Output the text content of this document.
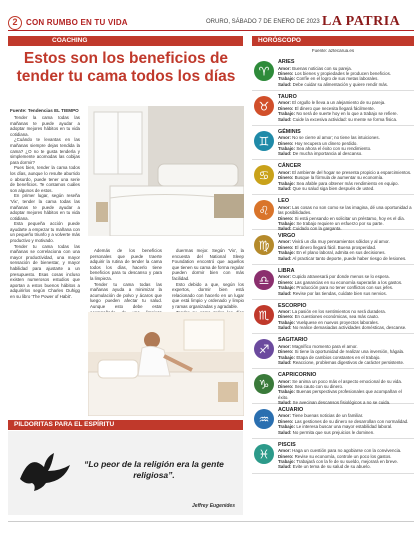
2	CON RUMBO EN TU VIDA	ORURO, SÁBADO 7 DE ENERO DE 2023 LA PATRIA
COACHING
Estos son los beneficios de tender tu cama todos los días
Fuente: Tendencias EL TIEMPO

Tender la cama todas las mañanas te puede ayudar a adoptar mejores hábitos en tu vida cotidiana.

¿Cuándo te levantas en las mañanas siempre dejas tendida la cama? ¿O no te gusta tenderla y simplemente acomodas las cobijas para dormir?

Pues bien, tender la cama todos los días, aunque lo resulte aburrido o absurdo, puede tener una serie de beneficios. Te contamos cuáles son algunos de estos.

En primer lugar, según reseña 'Vix', tender la cama todas las mañanas te puede ayudar a adoptar mejores hábitos en tu vida cotidiana.

Esta pequeña acción puede ayudarte a empezar tu mañana con un pequeño triunfo y a volverte más productivo y motivado.

Tender tu cama todas las mañanas se correlaciona con una mayor productividad, una mayor sensación de bienestar, y mayor habilidad para ajustarte a un presupuesto. Esas cosas incluso existen numerosos estudios que aportan a estos buenos hábitos a adquirirlos según Charles Duhigg en su libro 'The Power of Habit'.

Además de los beneficios personales que puede traerte adquirir la rutina de tender la cama todos los días, hacerlo tiene beneficios para tu descanso y para la limpieza.

Tender tu cama todas las mañanas ayuda a minimizar la acumulación de polvo y ácaros que luego pueden afectar tu salud. Aunque esto debe estar

duermas mejor. Según 'Vix', la encuesta del National Sleep Foundation encontró que aquellos que tienen su cama de forma regular pueden dormir bien con más facilidad.

Esto debido a que, según los expertos, dormir bien está relacionado con hacerlo en un lugar que está limpio y ordenado y limpio y ramas organizadas y agradable.

PILDORITAS PARA EL ESPÍRITU
“Lo peor de la religión era la gente religiosa”.
Jeffrey Eugenides
HORÓSCOPO
Fuente: aztecarua.es
♈
ARIES
Amor: Buenas noticias con su pareja.
Dinero: Los bienes y propiedades le producen beneficios.
Trabajo: Confíe en el logro de sus metas laborales.
Salud: Debe cuidar su alimentación y quiere rendir más.
♉
TAURO
Amor: El orgullo le lleva a un alejamiento de su pareja.
Dinero: El dinero que necesita llegará fácilmente.
Trabajo: No será de suerte hoy en lo que a trabajo se refiere.
Salud: Cuide la excesiva actividad: su mente se forma física.
♊
GÉMINIS
Amor: No se cierre al amor; no tiene las intuiciones.
Dinero: Hoy recupera un dinero perdido.
Trabajo: Sea ahora el éxito con su rendimiento.
Salud: De mucha importancia al descanso.
♋
CÁNCER
Amor: El ambiente del hogar se presenta propicio a esparcimientos.
Dinero: Busque la fórmula de aumentar su economía.
Trabajo: Sea afable para obtener más rendimiento en equipo.
Salud: Que su salud siga bien después de usted.
♌
LEO
Amor: Las cosas no son como se las imagina, dé una oportunidad a las posibilidades.
Dinero: Si está pensando en solicitar un préstamo, hoy es el día.
Trabajo: Se trabajo requiere un esfuerzo por su parte.
Salud: Cuidado con la garganta.
♍
VIRGO
Amor: Vivirá un día muy pensamientos sólidos y al amor.
Dinero: El dinero llegará fácil. Buena prosperidad.
Trabajo: En el plano laboral, admita en sus decisiones.
Salud: Al practicar tanto deporte, puede haber riesgo de lesiones.
♎
LIBRA
Amor: Cupido atravesará por donde menos se lo espera.
Dinero: Las ganancias en su economía superarán a los gastos.
Trabajo: Producción para no tener conflictos con sus jefes.
Salud: Revise por las tiendas, cuídate bien sus nervios.
♏
ESCORPIO
Amor: La pasión en los sentimientos no será duradera.
Dinero: En cuestiones económicas, sea más cauto.
Trabajo: Vuelquese en nuevos proyectos laborales.
Salud: No realice demasiadas actividades domésticas, descanse.
♐
SAGITARIO
Amor: Magnífico momento para el amor.
Dinero: Si tiene la oportunidad de realizar una inversión, hágala.
Trabajo: Etapa de cambios constantes en el trabajo.
Salud: Reaccione, problemas digestivos de carácter persistente.
♑
CAPRICORNIO
Amor: Se anima un poco más el aspecto emocional de su vida.
Dinero: Sea cauto con su dinero.
Trabajo: Buenas perspectivas profesionales que acompañan el éxito.
Salud: Se avecinan descansos fisiológicos a no se cuida.
♒
ACUARIO
Amor: Tiene buenas noticias de un familiar.
Dinero: Las gestiones de su dinero se desarrollan con normalidad.
Trabajo: Le interesa buscar una mayor estabilidad laboral.
Salud: No permita que sus prejuicios le dominen.
♓
PISCIS
Amor: Haga un cuestión para no agobiarse con la convivencia.
Dinero: Revise su economía, controle un poco los gastos.
Trabajo: Trabajará con la fe de su sueldo, mejorará en breve.
Salud: Evite un tema de su salud de su abuelo.
